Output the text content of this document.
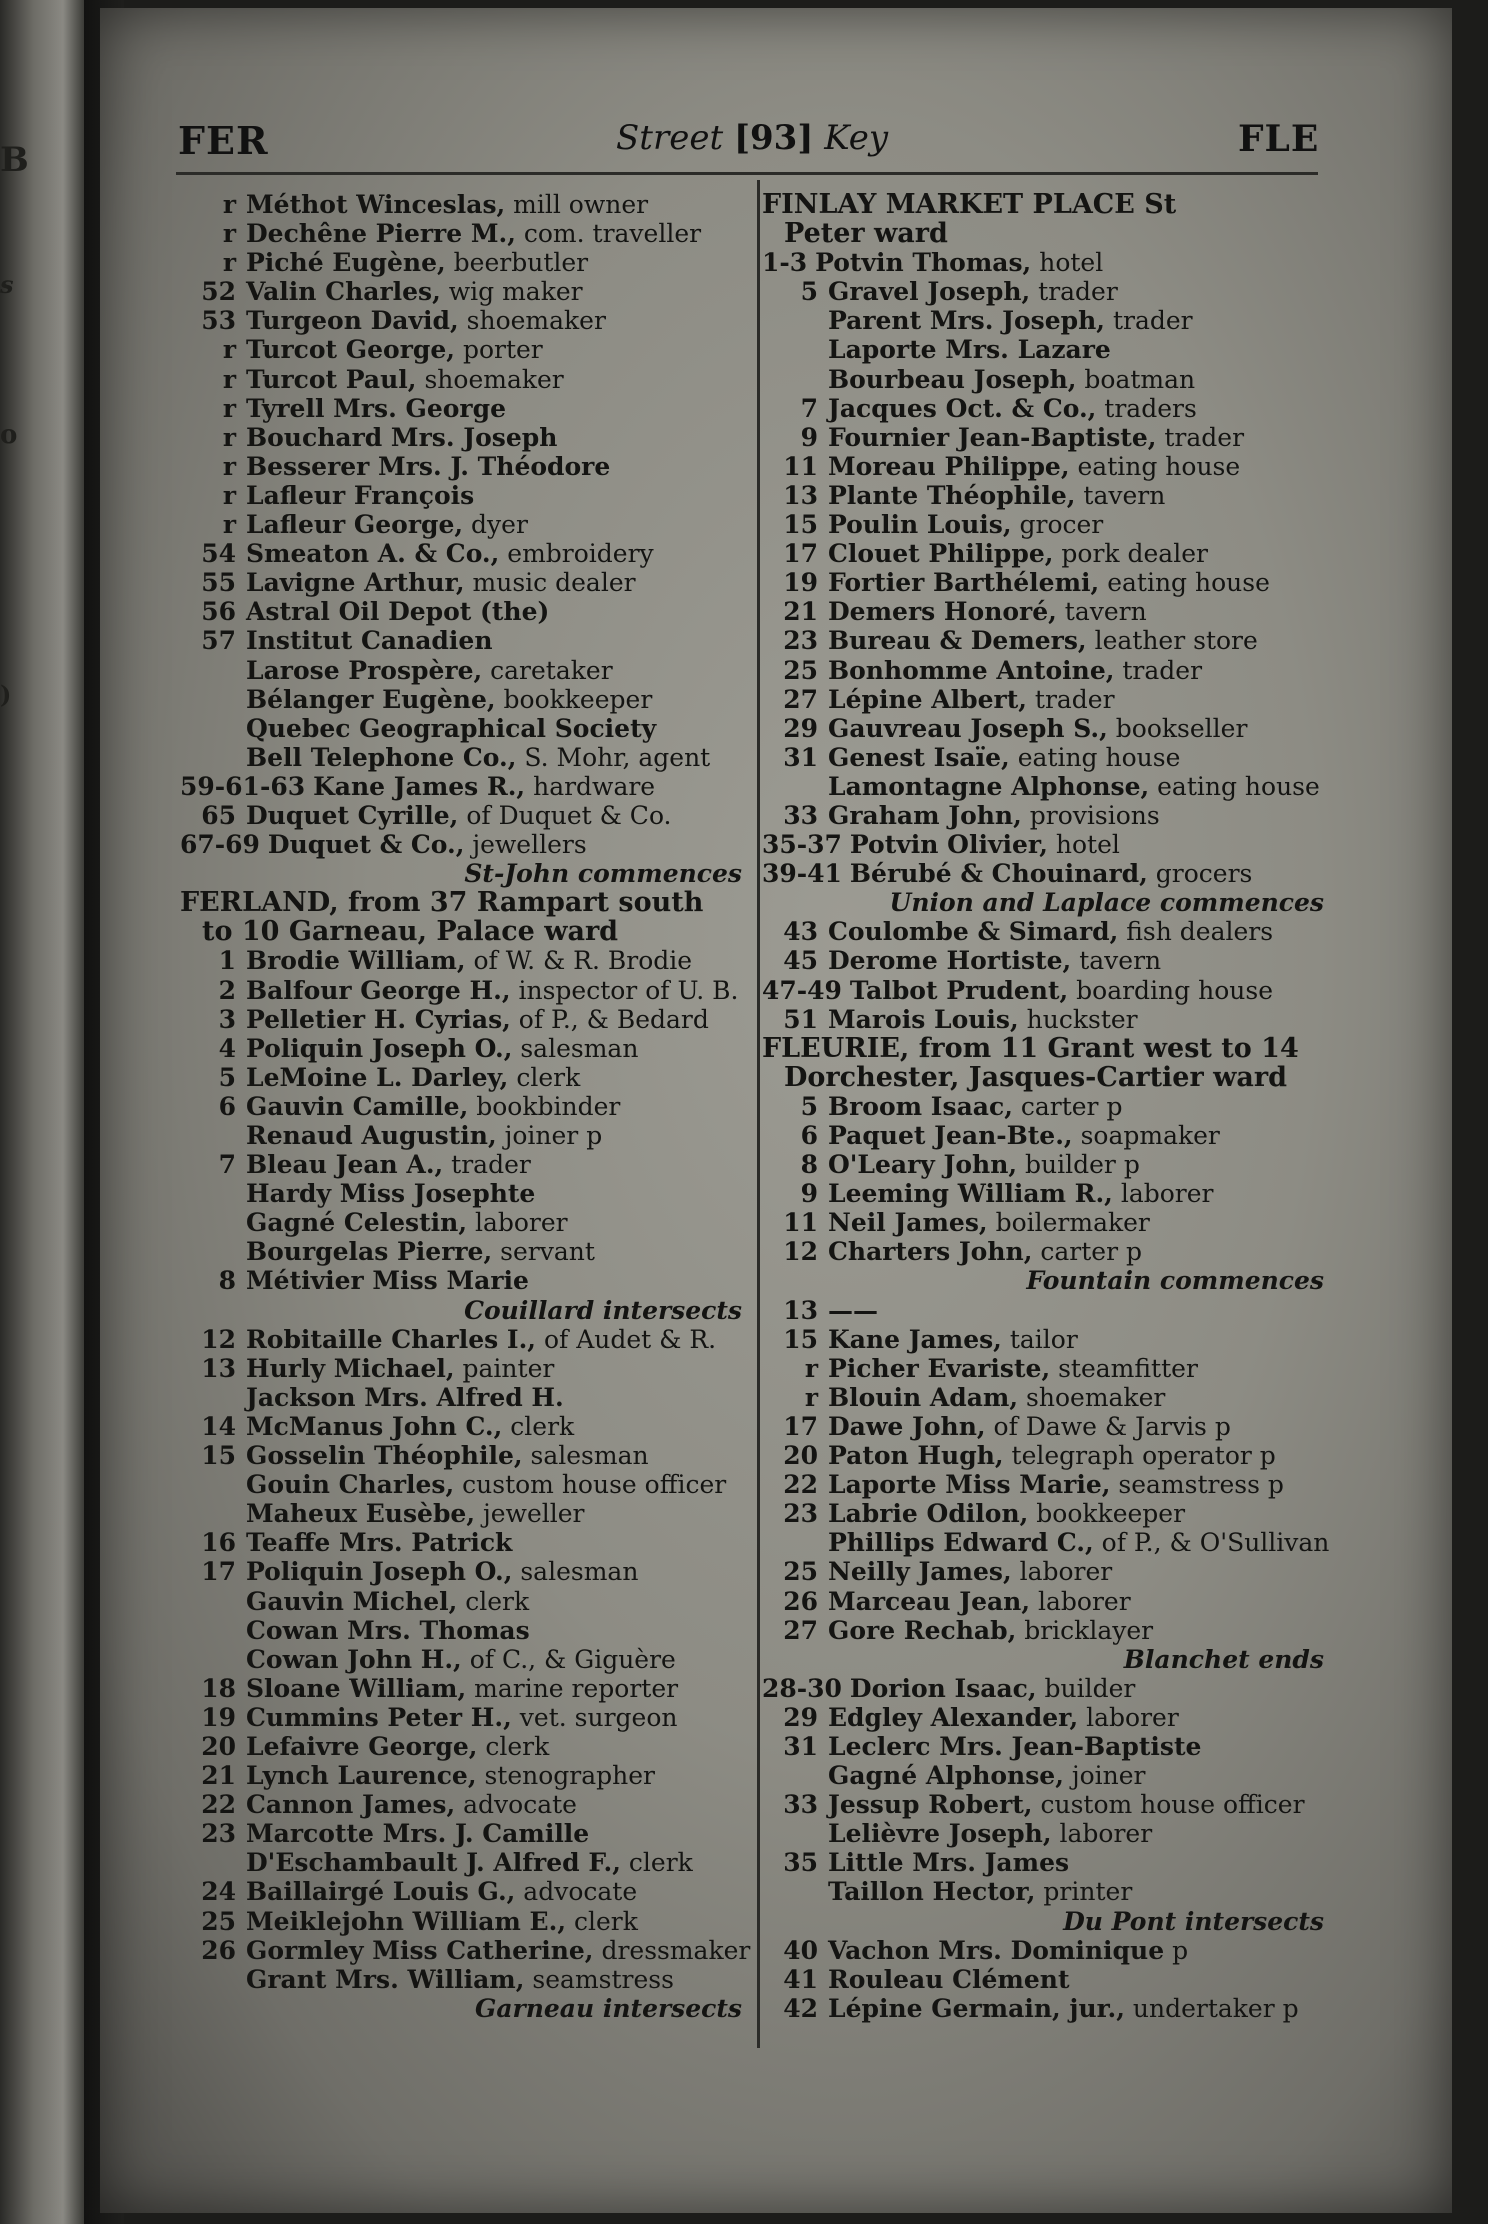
B
s
o
)
FER	Street [93] Key	FLE
r Méthot Winceslas, mill owner
r Dechêne Pierre M., com. traveller
r Piché Eugène, beerbutler
52 Valin Charles, wig maker
53 Turgeon David, shoemaker
r Turcot George, porter
r Turcot Paul, shoemaker
r Tyrell Mrs. George
r Bouchard Mrs. Joseph
r Besserer Mrs. J. Théodore
r Lafleur François
r Lafleur George, dyer
54 Smeaton A. & Co., embroidery
55 Lavigne Arthur, music dealer
56 Astral Oil Depot (the)
57 Institut Canadien
Larose Prospère, caretaker
Bélanger Eugène, bookkeeper
Quebec Geographical Society
Bell Telephone Co., S. Mohr, agent
59-61-63 Kane James R., hardware
65 Duquet Cyrille, of Duquet & Co.
67-69 Duquet & Co., jewellers
St-John commences
FERLAND, from 37 Rampart south
to 10 Garneau, Palace ward
1 Brodie William, of W. & R. Brodie
2 Balfour George H., inspector of U. B.
3 Pelletier H. Cyrias, of P., & Bedard
4 Poliquin Joseph O., salesman
5 LeMoine L. Darley, clerk
6 Gauvin Camille, bookbinder
Renaud Augustin, joiner p
7 Bleau Jean A., trader
Hardy Miss Josephte
Gagné Celestin, laborer
Bourgelas Pierre, servant
8 Métivier Miss Marie
Couillard intersects
12 Robitaille Charles I., of Audet & R.
13 Hurly Michael, painter
Jackson Mrs. Alfred H.
14 McManus John C., clerk
15 Gosselin Théophile, salesman
Gouin Charles, custom house officer
Maheux Eusèbe, jeweller
16 Teaffe Mrs. Patrick
17 Poliquin Joseph O., salesman
Gauvin Michel, clerk
Cowan Mrs. Thomas
Cowan John H., of C., & Giguère
18 Sloane William, marine reporter
19 Cummins Peter H., vet. surgeon
20 Lefaivre George, clerk
21 Lynch Laurence, stenographer
22 Cannon James, advocate
23 Marcotte Mrs. J. Camille
D'Eschambault J. Alfred F., clerk
24 Baillairgé Louis G., advocate
25 Meiklejohn William E., clerk
26 Gormley Miss Catherine, dressmaker
Grant Mrs. William, seamstress
Garneau intersects
FINLAY MARKET PLACE St
Peter ward
1-3 Potvin Thomas, hotel
5 Gravel Joseph, trader
Parent Mrs. Joseph, trader
Laporte Mrs. Lazare
Bourbeau Joseph, boatman
7 Jacques Oct. & Co., traders
9 Fournier Jean-Baptiste, trader
11 Moreau Philippe, eating house
13 Plante Théophile, tavern
15 Poulin Louis, grocer
17 Clouet Philippe, pork dealer
19 Fortier Barthélemi, eating house
21 Demers Honoré, tavern
23 Bureau & Demers, leather store
25 Bonhomme Antoine, trader
27 Lépine Albert, trader
29 Gauvreau Joseph S., bookseller
31 Genest Isaïe, eating house
Lamontagne Alphonse, eating house
33 Graham John, provisions
35-37 Potvin Olivier, hotel
39-41 Bérubé & Chouinard, grocers
Union and Laplace commences
43 Coulombe & Simard, fish dealers
45 Derome Hortiste, tavern
47-49 Talbot Prudent, boarding house
51 Marois Louis, huckster
FLEURIE, from 11 Grant west to 14
Dorchester, Jasques-Cartier ward
5 Broom Isaac, carter p
6 Paquet Jean-Bte., soapmaker
8 O'Leary John, builder p
9 Leeming William R., laborer
11 Neil James, boilermaker
12 Charters John, carter p
Fountain commences
13 ——
15 Kane James, tailor
r Picher Evariste, steamfitter
r Blouin Adam, shoemaker
17 Dawe John, of Dawe & Jarvis p
20 Paton Hugh, telegraph operator p
22 Laporte Miss Marie, seamstress p
23 Labrie Odilon, bookkeeper
Phillips Edward C., of P., & O'Sullivan
25 Neilly James, laborer
26 Marceau Jean, laborer
27 Gore Rechab, bricklayer
Blanchet ends
28-30 Dorion Isaac, builder
29 Edgley Alexander, laborer
31 Leclerc Mrs. Jean-Baptiste
Gagné Alphonse, joiner
33 Jessup Robert, custom house officer
Lelièvre Joseph, laborer
35 Little Mrs. James
Taillon Hector, printer
Du Pont intersects
40 Vachon Mrs. Dominique p
41 Rouleau Clément
42 Lépine Germain, jur., undertaker p
